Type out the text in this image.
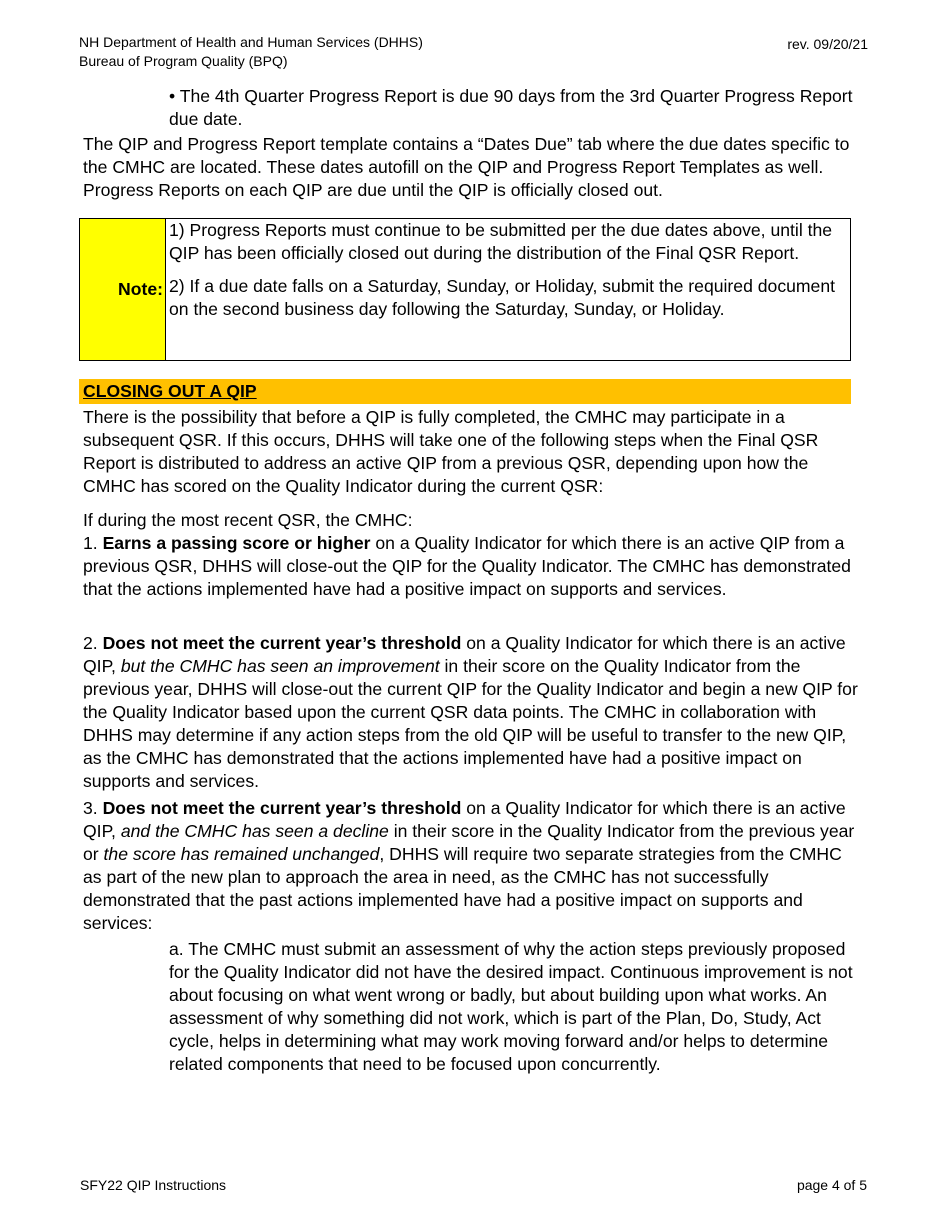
NH Department of Health and Human Services (DHHS)
Bureau of Program Quality (BPQ)
rev. 09/20/21

• The 4th Quarter Progress Report is due 90 days from the 3rd Quarter Progress Report due date.

The QIP and Progress Report template contains a “Dates Due” tab where the due dates specific to the CMHC are located. These dates autofill on the QIP and Progress Report Templates as well. Progress Reports on each QIP are due until the QIP is officially closed out.

Note:

1) Progress Reports must continue to be submitted per the due dates above, until the QIP has been officially closed out during the distribution of the Final QSR Report.

2) If a due date falls on a Saturday, Sunday, or Holiday, submit the required document on the second business day following the Saturday, Sunday, or Holiday.

CLOSING OUT A QIP

There is the possibility that before a QIP is fully completed, the CMHC may participate in a subsequent QSR. If this occurs, DHHS will take one of the following steps when the Final QSR Report is distributed to address an active QIP from a previous QSR, depending upon how the CMHC has scored on the Quality Indicator during the current QSR:

If during the most recent QSR, the CMHC:

1. Earns a passing score or higher on a Quality Indicator for which there is an active QIP from a previous QSR, DHHS will close-out the QIP for the Quality Indicator. The CMHC has demonstrated that the actions implemented have had a positive impact on supports and services.

2. Does not meet the current year’s threshold on a Quality Indicator for which there is an active QIP, but the CMHC has seen an improvement in their score on the Quality Indicator from the previous year, DHHS will close-out the current QIP for the Quality Indicator and begin a new QIP for the Quality Indicator based upon the current QSR data points. The CMHC in collaboration with DHHS may determine if any action steps from the old QIP will be useful to transfer to the new QIP, as the CMHC has demonstrated that the actions implemented have had a positive impact on supports and services.

3. Does not meet the current year’s threshold on a Quality Indicator for which there is an active QIP, and the CMHC has seen a decline in their score in the Quality Indicator from the previous year or the score has remained unchanged, DHHS will require two separate strategies from the CMHC as part of the new plan to approach the area in need, as the CMHC has not successfully demonstrated that the past actions implemented have had a positive impact on supports and services:

a. The CMHC must submit an assessment of why the action steps previously proposed for the Quality Indicator did not have the desired impact. Continuous improvement is not about focusing on what went wrong or badly, but about building upon what works. An assessment of why something did not work, which is part of the Plan, Do, Study, Act cycle, helps in determining what may work moving forward and/or helps to determine related components that need to be focused upon concurrently.

SFY22 QIP Instructions	page 4 of 5
